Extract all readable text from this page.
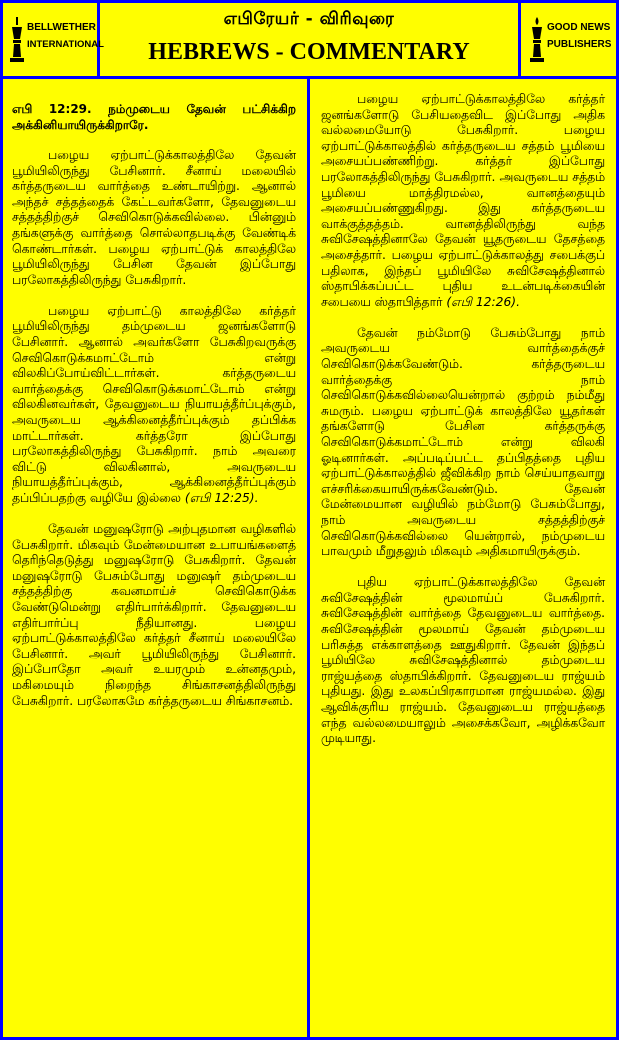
BELLWETHER
INTERNATIONAL
எபிரேயர் - விரிவுரை
HEBREWS - COMMENTARY
GOOD NEWS
PUBLISHERS
எபி 12:29. நம்முடைய தேவன் பட்சிக்கிற அக்கினியாயிருக்கிறாரே.

பழைய ஏற்பாட்டுக்காலத்திலே தேவன் பூமியிலிருந்து பேசினார். சீனாய் மலையில் கர்த்தருடைய வார்த்தை உண்டாயிற்று. ஆனால் அந்தச் சத்தத்தைக் கேட்டவர்களோ, தேவனுடைய சத்தத்திற்குச் செவிகொடுக்கவில்லை. பின்னும் தங்களுக்கு வார்த்தை சொல்லாதபடிக்கு வேண்டிக் கொண்டார்கள். பழைய ஏற்பாட்டுக் காலத்திலே பூமியிலிருந்து பேசின தேவன் இப்போது பரலோகத்திலிருந்து பேசுகிறார்.

பழைய ஏற்பாட்டு காலத்திலே கர்த்தர் பூமியிலிருந்து தம்முடைய ஜனங்களோடு பேசினார். ஆனால் அவர்களோ பேசுகிறவருக்கு செவிகொடுக்கமாட்டோம் என்று விலகிப்போய்விட்டார்கள். கர்த்தருடைய வார்த்தைக்கு செவிகொடுக்கமாட்டோம் என்று விலகினவர்கள், தேவனுடைய நியாயத்தீர்ப்புக்கும், அவருடைய ஆக்கினைத்தீர்ப்புக்கும் தப்பிக்க மாட்டார்கள். கர்த்தரோ இப்போது பரலோகத்திலிருந்து பேசுகிறார். நாம் அவரை விட்டு விலகினால், அவருடைய நியாயத்தீர்ப்புக்கும், ஆக்கினைத்தீர்ப்புக்கும் தப்பிப்பதற்கு வழியே இல்லை (எபி 12:25).

தேவன் மனுஷரோடு அற்புதமான வழிகளில் பேசுகிறார். மிகவும் மேன்மையான உபாயங்களைத் தெரிந்தெடுத்து மனுஷரோடு பேசுகிறார். தேவன் மனுஷரோடு பேசும்போது மனுஷர் தம்முடைய சத்தத்திற்கு கவனமாய்ச் செவிகொடுக்க வேண்டுமென்று எதிர்பார்க்கிறார். தேவனுடைய எதிர்பார்ப்பு நீதியானது. பழைய ஏற்பாட்டுக்காலத்திலே கர்த்தர் சீனாய் மலையிலே பேசினார். அவர் பூமியிலிருந்து பேசினார். இப்போதோ அவர் உயரமும் உன்னதமும், மகிமையும் நிறைந்த சிங்காசனத்திலிருந்து பேசுகிறார். பரலோகமே கர்த்தருடைய சிங்காசனம்.

பழைய ஏற்பாட்டுக்காலத்திலே கர்த்தர் ஜனங்களோடு பேசியதைவிட இப்போது அதிக வல்லமையோடு பேசுகிறார். பழைய ஏற்பாட்டுக்காலத்தில் கர்த்தருடைய சத்தம் பூமியை அசையப்பண்ணிற்று. கர்த்தர் இப்போது பரலோகத்திலிருந்து பேசுகிறார். அவருடைய சத்தம் பூமியை மாத்திரமல்ல, வானத்தையும் அசையப்பண்ணுகிறது. இது கர்த்தருடைய வாக்குத்தத்தம். வானத்திலிருந்து வந்த சுவிசேஷத்தினாலே தேவன் யூதருடைய தேசத்தை அசைத்தார். பழைய ஏற்பாட்டுக்காலத்து சபைக்குப் பதிலாக, இந்தப் பூமியிலே சுவிசேஷத்தினால் ஸ்தாபிக்கப்பட்ட புதிய உடன்படிக்கையின் சபையை ஸ்தாபித்தார் (எபி 12:26).

தேவன் நம்மோடு பேசும்போது நாம் அவருடைய வார்த்தைக்குச் செவிகொடுக்கவேண்டும். கர்த்தருடைய வார்த்தைக்கு நாம் செவிகொடுக்கவில்லையென்றால் குற்றம் நம்மீது சுமரும். பழைய ஏற்பாட்டுக் காலத்திலே யூதர்கள் தங்களோடு பேசின கர்த்தருக்கு செவிகொடுக்கமாட்டோம் என்று விலகி ஓடினார்கள். அப்படிப்பட்ட தப்பிதத்தை புதிய ஏற்பாட்டுக்காலத்தில் ஜீவிக்கிற நாம் செய்யாதவாறு எச்சரிக்கையாயிருக்கவேண்டும். தேவன் மேன்மையான வழியில் நம்மோடு பேசும்போது, நாம் அவருடைய சத்தத்திற்குச் செவிகொடுக்கவில்லை யென்றால், நம்முடைய பாவமும் மீறுதலும் மிகவும் அதிகமாயிருக்கும்.

புதிய ஏற்பாட்டுக்காலத்திலே தேவன் சுவிசேஷத்தின் மூலமாய்ப் பேசுகிறார். சுவிசேஷத்தின் வார்த்தை தேவனுடைய வார்த்தை. சுவிசேஷத்தின் மூலமாய் தேவன் தம்முடைய பரிசுத்த எக்காளத்தை ஊதுகிறார். தேவன் இந்தப் பூமியிலே சுவிசேஷத்தினால் தம்முடைய ராஜ்யத்தை ஸ்தாபிக்கிறார். தேவனுடைய ராஜ்யம் புதியது. இது உலகப்பிரகாரமான ராஜ்யமல்ல. இது ஆவிக்குரிய ராஜ்யம். தேவனுடைய ராஜ்யத்தை எந்த வல்லமையாலும் அசைக்கவோ, அழிக்கவோ முடியாது.
